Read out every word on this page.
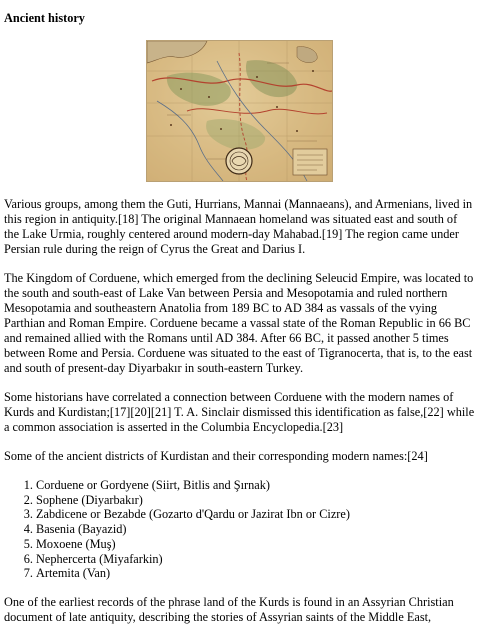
Ancient history

Various groups, among them the Guti, Hurrians, Mannai (Mannaeans), and Armenians, lived in this region in antiquity.[18] The original Mannaean homeland was situated east and south of the Lake Urmia, roughly centered around modern-day Mahabad.[19] The region came under Persian rule during the reign of Cyrus the Great and Darius I.

The Kingdom of Corduene, which emerged from the declining Seleucid Empire, was located to the south and south-east of Lake Van between Persia and Mesopotamia and ruled northern Mesopotamia and southeastern Anatolia from 189 BC to AD 384 as vassals of the vying Parthian and Roman Empire. Corduene became a vassal state of the Roman Republic in 66 BC and remained allied with the Romans until AD 384. After 66 BC, it passed another 5 times between Rome and Persia. Corduene was situated to the east of Tigranocerta, that is, to the east and south of present-day Diyarbakır in south-eastern Turkey.

Some historians have correlated a connection between Corduene with the modern names of Kurds and Kurdistan;[17][20][21] T. A. Sinclair dismissed this identification as false,[22] while a common association is asserted in the Columbia Encyclopedia.[23]

Some of the ancient districts of Kurdistan and their corresponding modern names:[24]

1. Corduene or Gordyene (Siirt, Bitlis and Şırnak)
2. Sophene (Diyarbakır)
3. Zabdicene or Bezabde (Gozarto d'Qardu or Jazirat Ibn or Cizre)
4. Basenia (Bayazid)
5. Moxoene (Muş)
6. Nephercerta (Miyafarkin)
7. Artemita (Van)

One of the earliest records of the phrase land of the Kurds is found in an Assyrian Christian document of late antiquity, describing the stories of Assyrian saints of the Middle East,
